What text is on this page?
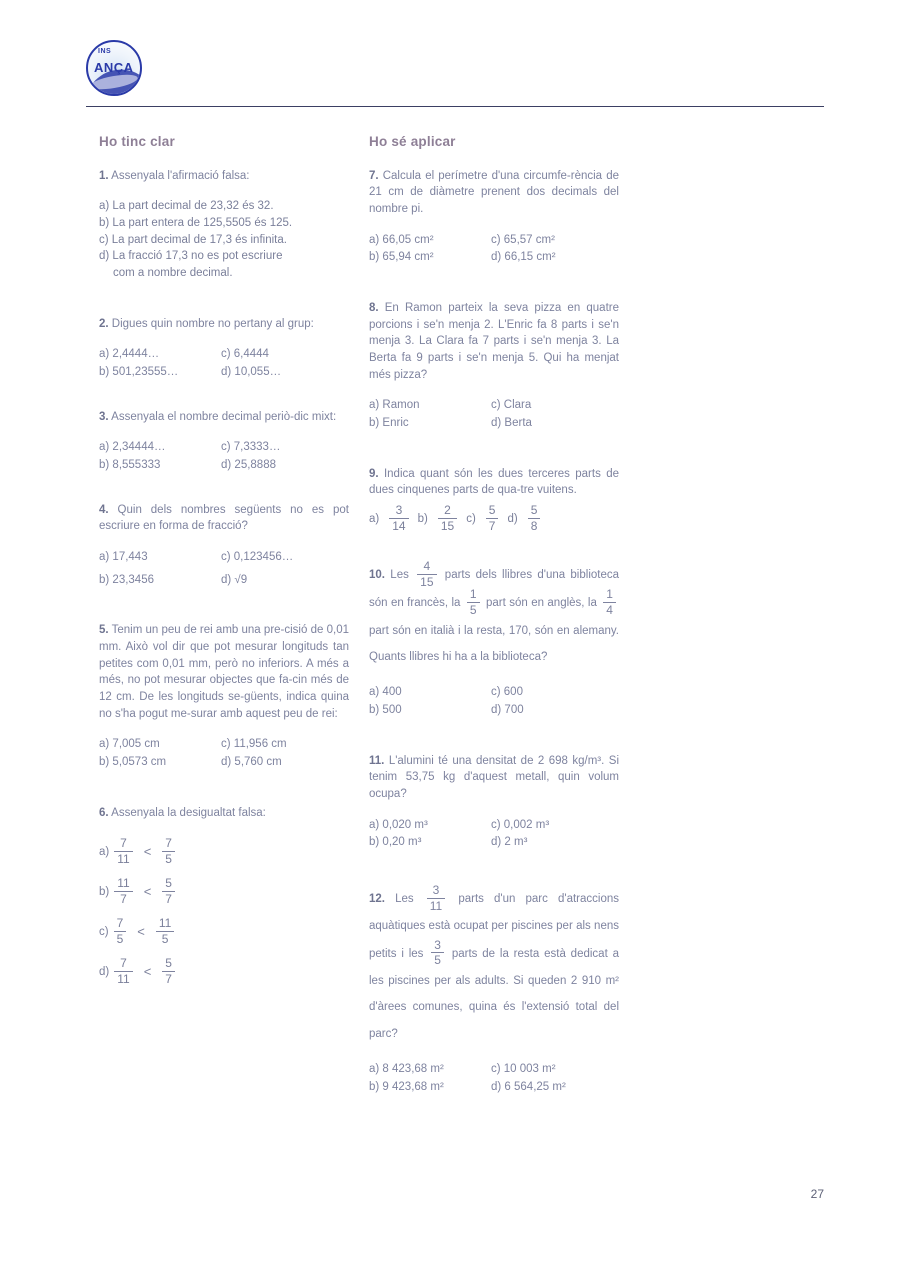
INS
ANÇA
Ho tinc clar

1. Assenyala l'afirmació falsa:

a) La part decimal de 23,32 és 32.
b) La part entera de 125,5505 és 125.
c) La part decimal de 17,3 és infinita.
d) La fracció 17,3 no es pot escriure
com a nombre decimal.

2. Digues quin nombre no pertany al grup:

a) 2,4444…	c) 6,4444
b) 501,23555…	d) 10,055…

3. Assenyala el nombre decimal periò-dic mixt:

a) 2,34444…	c) 7,3333…
b) 8,555333	d) 25,8888

4. Quin dels nombres següents no es pot escriure en forma de fracció?

a) 17,443	c) 0,123456…
b) 23,3456	d) √9

5. Tenim un peu de rei amb una pre-cisió de 0,01 mm. Això vol dir que pot mesurar longituds tan petites com 0,01 mm, però no inferiors. A més a més, no pot mesurar objectes que fa-cin més de 12 cm. De les longituds se-güents, indica quina no s'ha pogut me-surar amb aquest peu de rei:

a) 7,005 cm	c) 11,956 cm
b) 5,0573 cm	d) 5,760 cm

6. Assenyala la desigualtat falsa:

$a) \frac{7}{11} < \frac{7}{5}$
$b) \frac{11}{7} < \frac{5}{7}$
$c) \frac{7}{5} < \frac{11}{5}$
$d) \frac{7}{11} < \frac{5}{7}$
Ho sé aplicar

7. Calcula el perímetre d'una circumfe-rència de 21 cm de diàmetre prenent dos decimals del nombre pi.

a) 66,05 cm²	c) 65,57 cm²
b) 65,94 cm²	d) 66,15 cm²

8. En Ramon parteix la seva pizza en quatre porcions i se'n menja 2. L'Enric fa 8 parts i se'n menja 3. La Clara fa 7 parts i se'n menja 3. La Berta fa 9 parts i se'n menja 5. Qui ha menjat més pizza?

a) Ramon	c) Clara
b) Enric	d) Berta

9. Indica quant són les dues terceres parts de dues cinquenes parts de qua-tre vuitens.

$a) \frac{3}{14} b) \frac{2}{15} c) \frac{5}{7} d) \frac{5}{8}$

10. Les $\frac{4}{15}$ parts dels llibres d'una biblioteca són en francès, la $\frac{1}{5}$ part són en anglès, la $\frac{1}{4}$
part són en italià i la resta, 170, són en alemany. Quants llibres hi ha a la biblioteca?

a) 400	c) 600
b) 500	d) 700

11. L'alumini té una densitat de 2 698 kg/m³. Si tenim 53,75 kg d'aquest metall, quin volum ocupa?

a) 0,020 m³	c) 0,002 m³
b) 0,20 m³	d) 2 m³

12. Les $\frac{3}{11}$ parts d'un parc d'atraccions aquàtiques està ocupat per piscines per als nens petits i les $\frac{3}{5}$ parts de la resta està dedicat a les piscines per als adults. Si queden 2 910 m² d'àrees comunes, quina és l'extensió total del parc?

a) 8 423,68 m²	c) 10 003 m²
b) 9 423,68 m²	d) 6 564,25 m²
27
